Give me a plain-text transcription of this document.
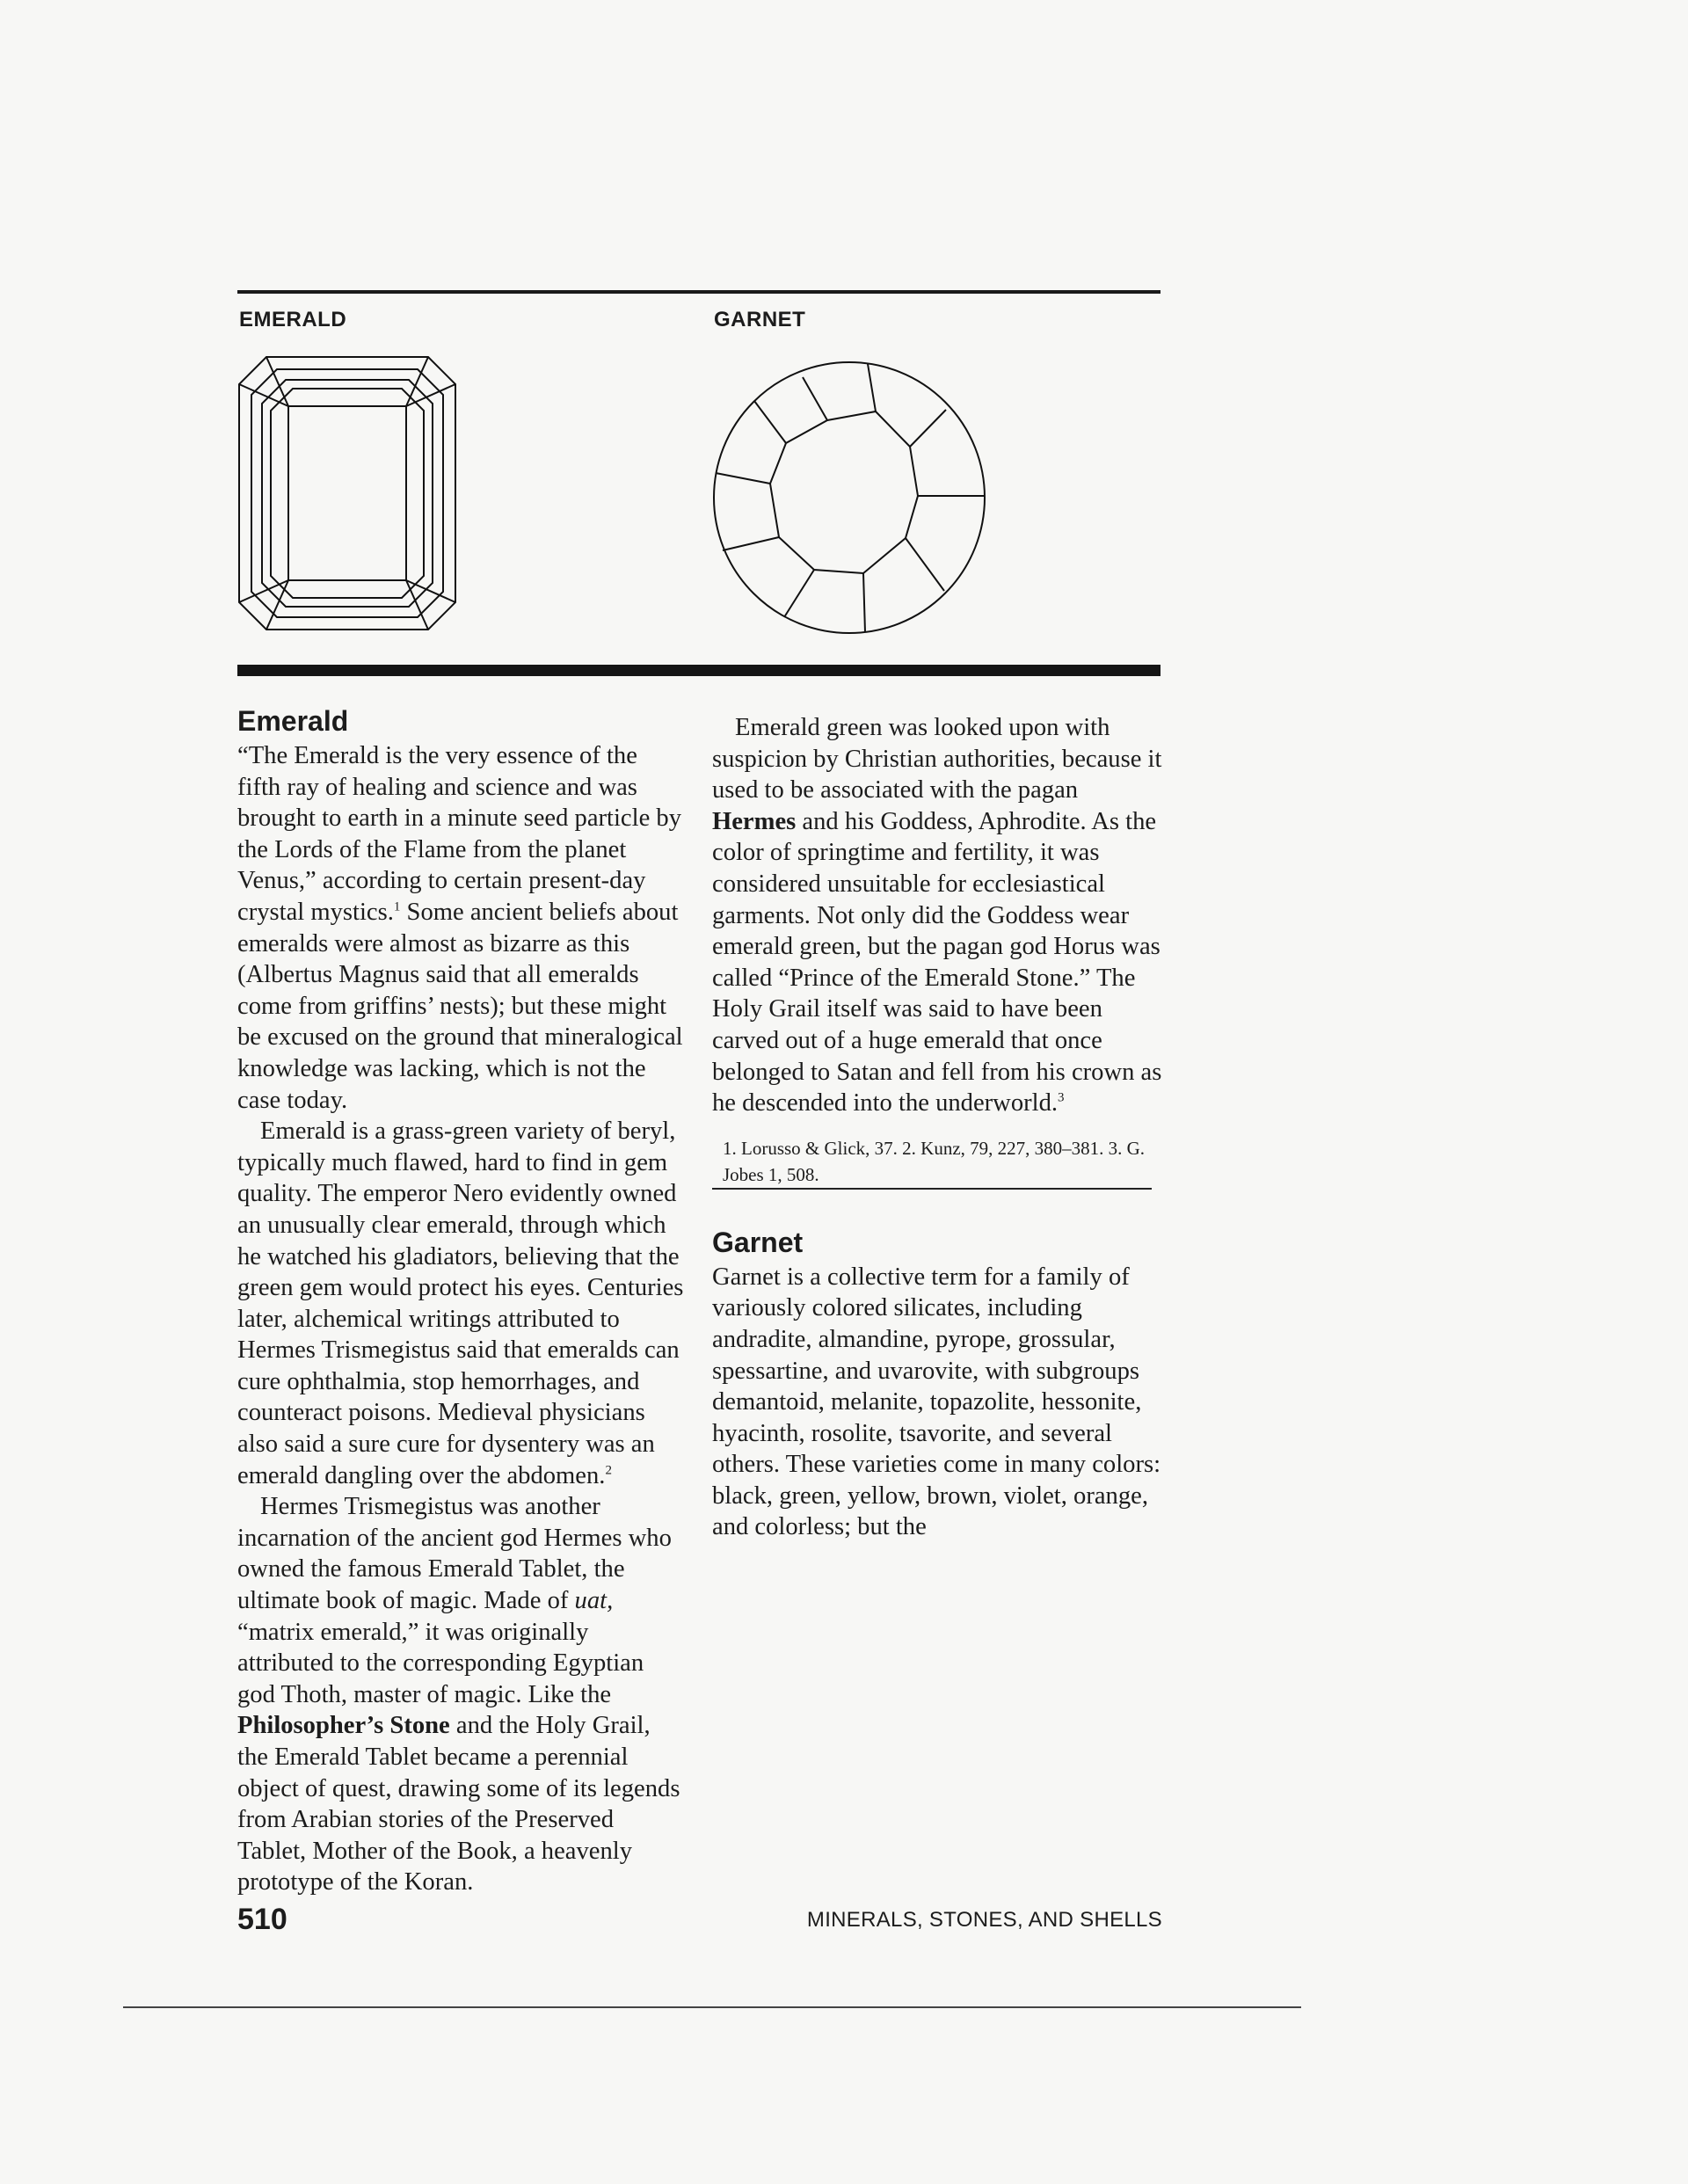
EMERALD	GARNET
Emerald

“The Emerald is the very essence of the fifth ray of healing and science and was brought to earth in a minute seed particle by the Lords of the Flame from the planet Venus,” according to certain present-day crystal mystics.$^1$ Some ancient beliefs about emeralds were almost as bizarre as this (Albertus Magnus said that all emeralds come from griffins’ nests); but these might be excused on the ground that mineralogical knowledge was lacking, which is not the case today.

Emerald is a grass-green variety of beryl, typically much flawed, hard to find in gem quality. The emperor Nero evidently owned an unusually clear emerald, through which he watched his gladiators, believing that the green gem would protect his eyes. Centuries later, alchemical writings attributed to Hermes Trismegistus said that emeralds can cure ophthalmia, stop hemorrhages, and counteract poisons. Medieval physicians also said a sure cure for dysentery was an emerald dangling over the abdomen.$^2$

Hermes Trismegistus was another incarnation of the ancient god Hermes who owned the famous Emerald Tablet, the ultimate book of magic. Made of uat, “matrix emerald,” it was originally attributed to the corresponding Egyptian god Thoth, master of magic. Like the Philosopher’s Stone and the Holy Grail, the Emerald Tablet became a perennial object of quest, drawing some of its legends from Arabian stories of the Preserved Tablet, Mother of the Book, a heavenly prototype of the Koran.

Emerald green was looked upon with suspicion by Christian authorities, because it used to be associated with the pagan Hermes and his Goddess, Aphrodite. As the color of springtime and fertility, it was considered unsuitable for ecclesiastical garments. Not only did the Goddess wear emerald green, but the pagan god Horus was called “Prince of the Emerald Stone.” The Holy Grail itself was said to have been carved out of a huge emerald that once belonged to Satan and fell from his crown as he descended into the underworld.$^3$

1. Lorusso & Glick, 37. 2. Kunz, 79, 227, 380–381. 3. G. Jobes 1, 508.
Garnet

Garnet is a collective term for a family of variously colored silicates, including andradite, almandine, pyrope, grossular, spessartine, and uvarovite, with subgroups demantoid, melanite, topazolite, hessonite, hyacinth, rosolite, tsavorite, and several others. These varieties come in many colors: black, green, yellow, brown, violet, orange, and colorless; but the

510	MINERALS, STONES, AND SHELLS
